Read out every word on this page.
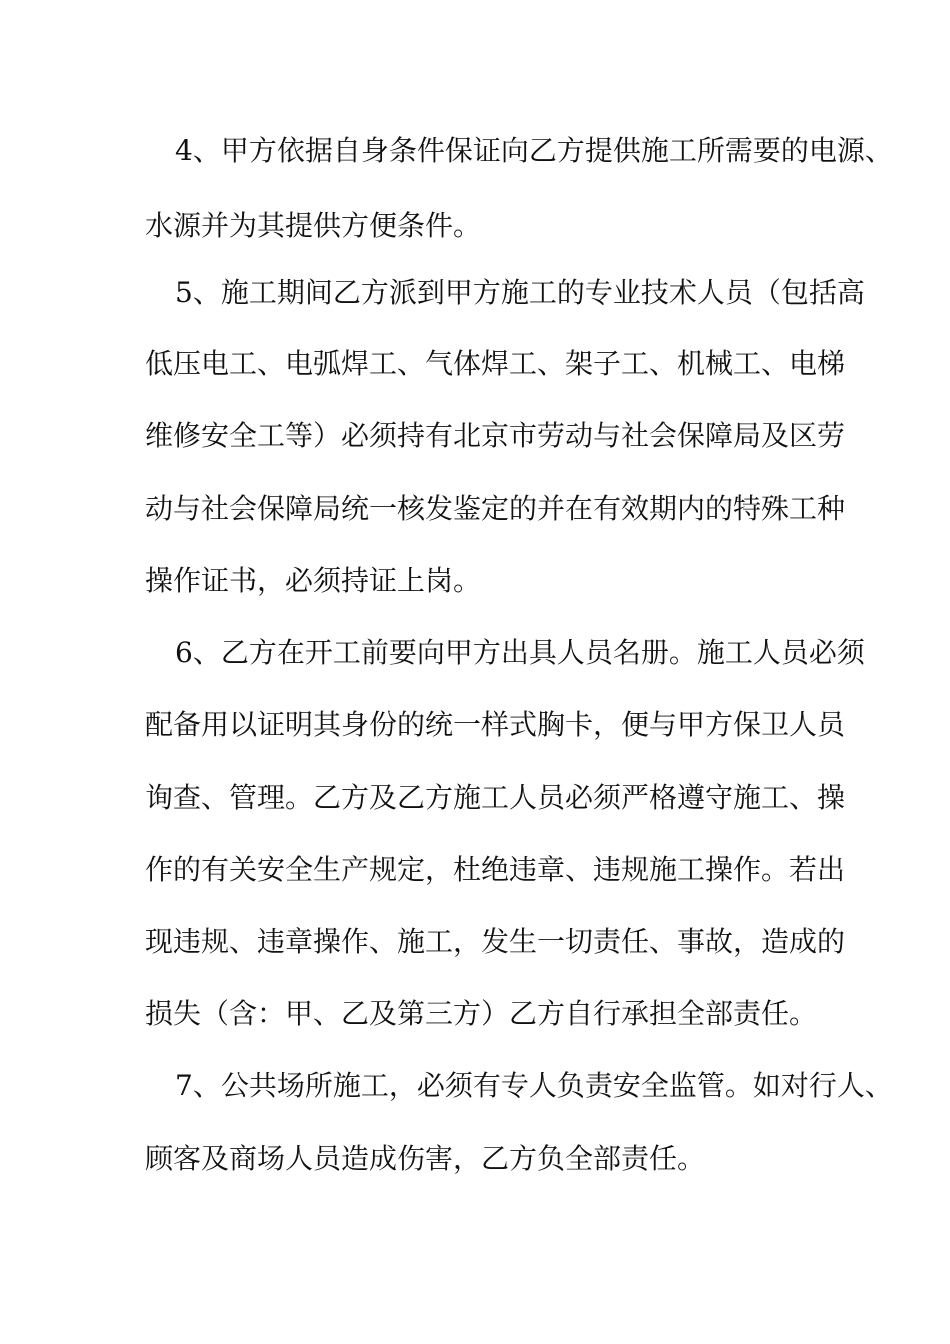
4、甲方依据自身条件保证向乙方提供施工所需要的电源、
水源并为其提供方便条件。
5、施工期间乙方派到甲方施工的专业技术人员（包括高
低压电工、电弧焊工、气体焊工、架子工、机械工、电梯
维修安全工等）必须持有北京市劳动与社会保障局及区劳
动与社会保障局统一核发鉴定的并在有效期内的特殊工种
操作证书，必须持证上岗。
6、乙方在开工前要向甲方出具人员名册。施工人员必须
配备用以证明其身份的统一样式胸卡，便与甲方保卫人员
询查、管理。乙方及乙方施工人员必须严格遵守施工、操
作的有关安全生产规定，杜绝违章、违规施工操作。若出
现违规、违章操作、施工，发生一切责任、事故，造成的
损失（含：甲、乙及第三方）乙方自行承担全部责任。
7、公共场所施工，必须有专人负责安全监管。如对行人、
顾客及商场人员造成伤害，乙方负全部责任。
